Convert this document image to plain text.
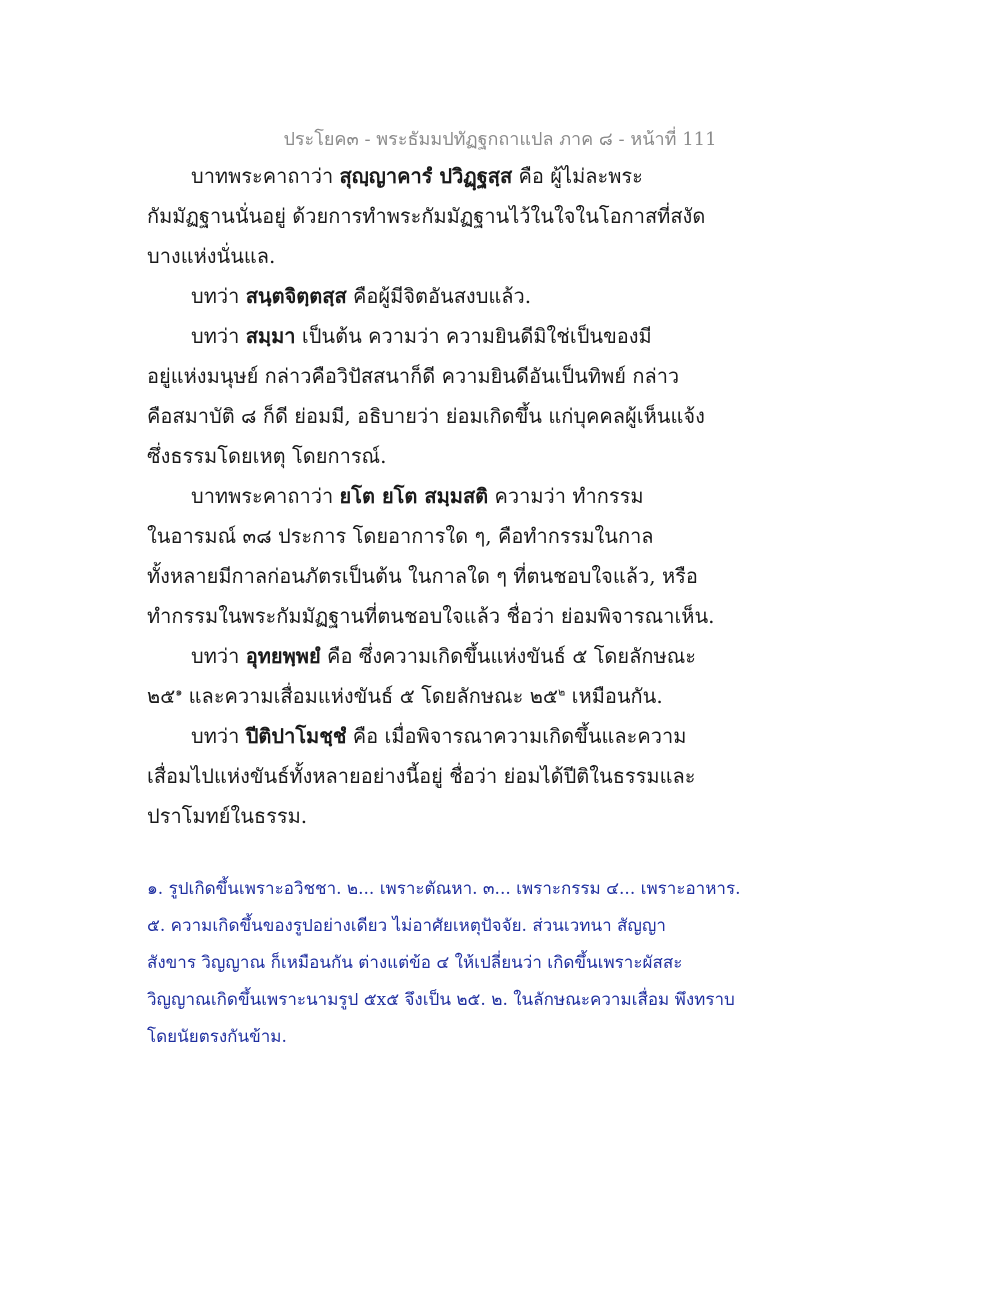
ประโยค๓ - พระธัมมปทัฏฐกถาแปล ภาค ๘ - หน้าที่ 111
บาทพระคาถาว่า สุญฺญาคารํ ปวิฏฺฐสฺส คือ ผู้ไม่ละพระ
กัมมัฏฐานนั่นอยู่ ด้วยการทำพระกัมมัฏฐานไว้ในใจในโอกาสที่สงัด
บางแห่งนั่นแล.
บทว่า สนฺตจิตฺตสฺส คือผู้มีจิตอันสงบแล้ว.
บทว่า สมฺมา เป็นต้น ความว่า ความยินดีมิใช่เป็นของมี
อยู่แห่งมนุษย์ กล่าวคือวิปัสสนาก็ดี ความยินดีอันเป็นทิพย์ กล่าว
คือสมาบัติ ๘ ก็ดี ย่อมมี, อธิบายว่า ย่อมเกิดขึ้น แก่บุคคลผู้เห็นแจ้ง
ซึ่งธรรมโดยเหตุ โดยการณ์.
บาทพระคาถาว่า ยโต ยโต สมฺมสติ ความว่า ทำกรรม
ในอารมณ์ ๓๘ ประการ โดยอาการใด ๆ, คือทำกรรมในกาล
ทั้งหลายมีกาลก่อนภัตรเป็นต้น ในกาลใด ๆ ที่ตนชอบใจแล้ว, หรือ
ทำกรรมในพระกัมมัฏฐานที่ตนชอบใจแล้ว ชื่อว่า ย่อมพิจารณาเห็น.
บทว่า อุทยพฺพยํ คือ ซึ่งความเกิดขึ้นแห่งขันธ์ ๕ โดยลักษณะ
๒๕$^๑$ และความเสื่อมแห่งขันธ์ ๕ โดยลักษณะ ๒๕$^๒$ เหมือนกัน.
บทว่า ปีติปาโมชฺชํ คือ เมื่อพิจารณาความเกิดขึ้นและความ
เสื่อมไปแห่งขันธ์ทั้งหลายอย่างนี้อยู่ ชื่อว่า ย่อมได้ปีติในธรรมและ
ปราโมทย์ในธรรม.
๑. รูปเกิดขึ้นเพราะอวิชชา. ๒... เพราะตัณหา. ๓... เพราะกรรม ๔... เพราะอาหาร.
๕. ความเกิดขึ้นของรูปอย่างเดียว ไม่อาศัยเหตุปัจจัย. ส่วนเวทนา สัญญา
สังขาร วิญญาณ ก็เหมือนกัน ต่างแต่ข้อ ๔ ให้เปลี่ยนว่า เกิดขึ้นเพราะผัสสะ
วิญญาณเกิดขึ้นเพราะนามรูป ๕x๕ จึงเป็น ๒๕. ๒. ในลักษณะความเสื่อม พึงทราบ
โดยนัยตรงกันข้าม.
